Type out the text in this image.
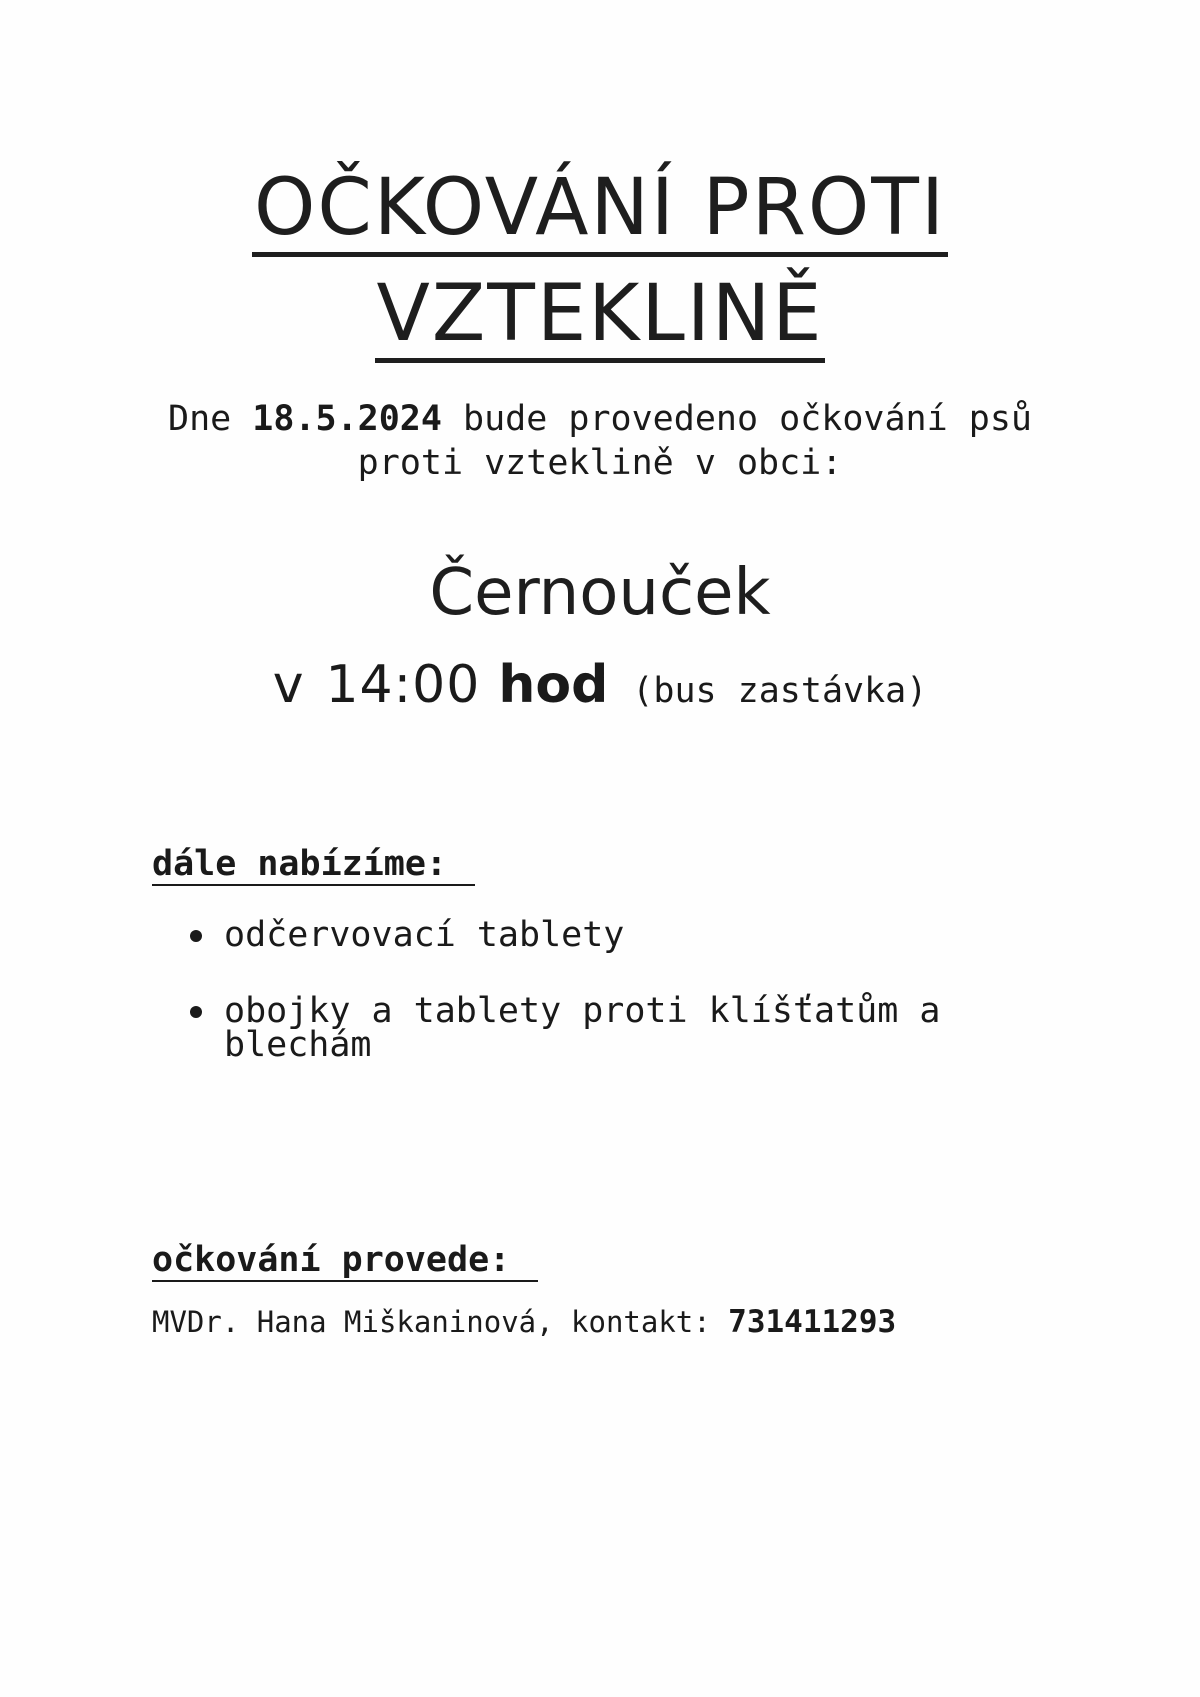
OČKOVÁNÍ PROTI
VZTEKLINĚ
Dne 18.5.2024 bude provedeno očkování psů
proti vzteklině v obci:
Černouček
v 14:00 hod (bus zastávka)
dále nabízíme:
odčervovací tablety
obojky a tablety proti klíšťatům a blechám
očkování provede:
MVDr. Hana Miškaninová, kontakt: 731411293
